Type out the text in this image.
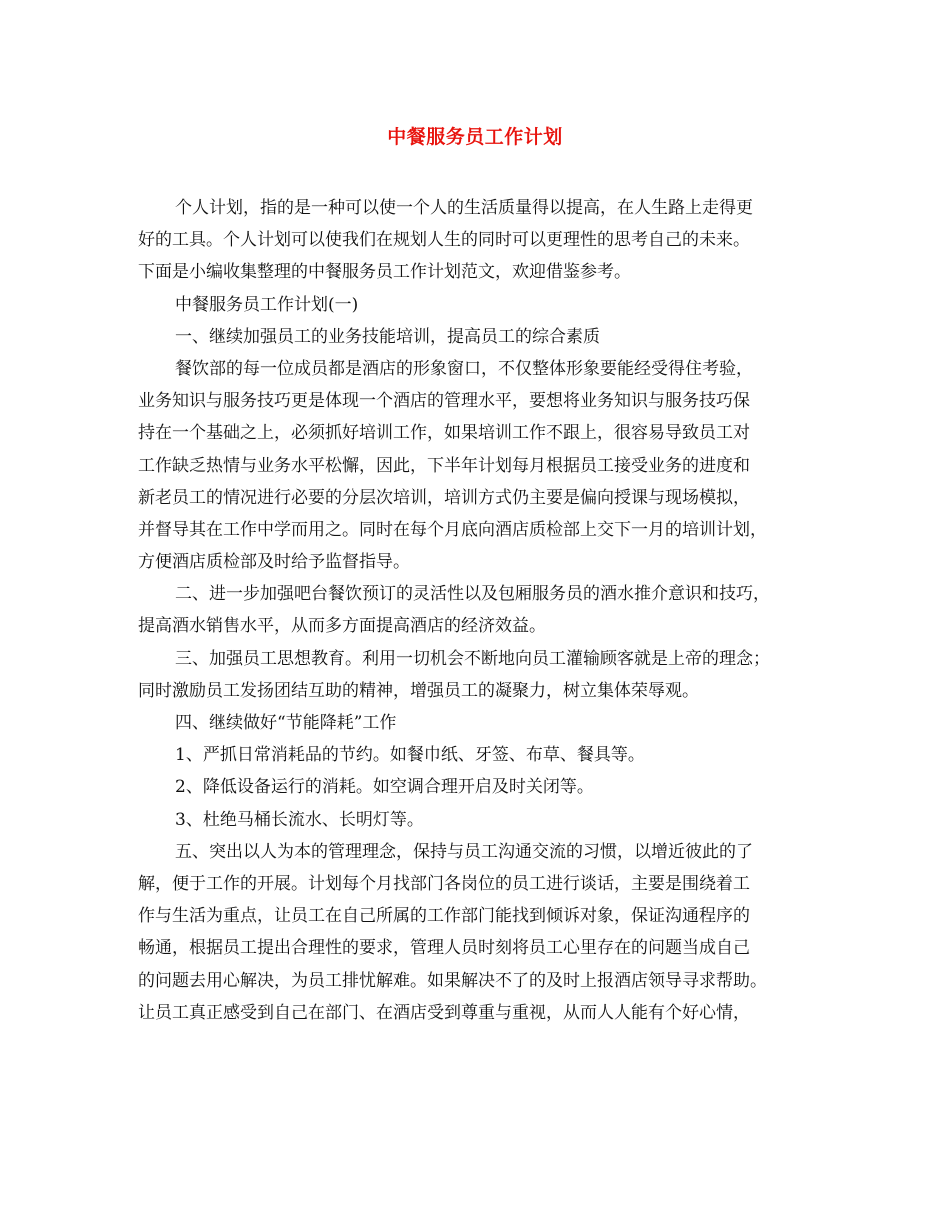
中餐服务员工作计划
个人计划，指的是一种可以使一个人的生活质量得以提高，在人生路上走得更
好的工具。个人计划可以使我们在规划人生的同时可以更理性的思考自己的未来。
下面是小编收集整理的中餐服务员工作计划范文，欢迎借鉴参考。
中餐服务员工作计划(一)
一、继续加强员工的业务技能培训，提高员工的综合素质
餐饮部的每一位成员都是酒店的形象窗口，不仅整体形象要能经受得住考验，
业务知识与服务技巧更是体现一个酒店的管理水平，要想将业务知识与服务技巧保
持在一个基础之上，必须抓好培训工作，如果培训工作不跟上，很容易导致员工对
工作缺乏热情与业务水平松懈，因此，下半年计划每月根据员工接受业务的进度和
新老员工的情况进行必要的分层次培训，培训方式仍主要是偏向授课与现场模拟，
并督导其在工作中学而用之。同时在每个月底向酒店质检部上交下一月的培训计划，
方便酒店质检部及时给予监督指导。
二、进一步加强吧台餐饮预订的灵活性以及包厢服务员的酒水推介意识和技巧，
提高酒水销售水平，从而多方面提高酒店的经济效益。
三、加强员工思想教育。利用一切机会不断地向员工灌输顾客就是上帝的理念；
同时激励员工发扬团结互助的精神，增强员工的凝聚力，树立集体荣辱观。
四、继续做好“节能降耗”工作
1、严抓日常消耗品的节约。如餐巾纸、牙签、布草、餐具等。
2、降低设备运行的消耗。如空调合理开启及时关闭等。
3、杜绝马桶长流水、长明灯等。
五、突出以人为本的管理理念，保持与员工沟通交流的习惯，以增近彼此的了
解，便于工作的开展。计划每个月找部门各岗位的员工进行谈话，主要是围绕着工
作与生活为重点，让员工在自己所属的工作部门能找到倾诉对象，保证沟通程序的
畅通，根据员工提出合理性的要求，管理人员时刻将员工心里存在的问题当成自己
的问题去用心解决，为员工排忧解难。如果解决不了的及时上报酒店领导寻求帮助。
让员工真正感受到自己在部门、在酒店受到尊重与重视，从而人人能有个好心情，
